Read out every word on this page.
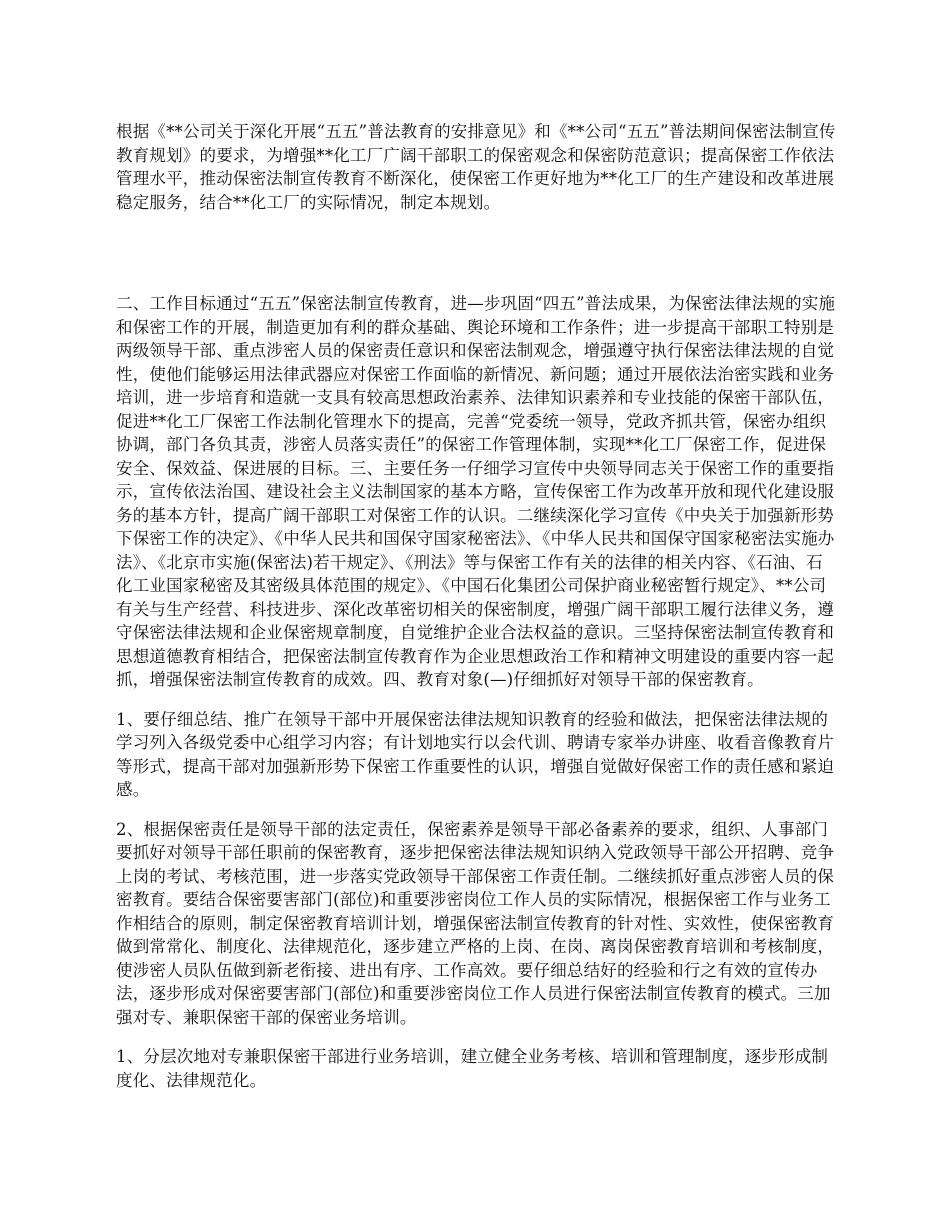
根据《**公司关于深化开展“五五”普法教育的安排意见》和《**公司“五五”普法期间保密法制宣传教育规划》的要求，为增强**化工厂广阔干部职工的保密观念和保密防范意识；提高保密工作依法管理水平，推动保密法制宣传教育不断深化，使保密工作更好地为**化工厂的生产建设和改革进展稳定服务，结合**化工厂的实际情况，制定本规划。

二、工作目标通过“五五”保密法制宣传教育，进—步巩固“四五”普法成果，为保密法律法规的实施和保密工作的开展，制造更加有利的群众基础、舆论环境和工作条件；进一步提高干部职工特别是两级领导干部、重点涉密人员的保密责任意识和保密法制观念，增强遵守执行保密法律法规的自觉性，使他们能够运用法律武器应对保密工作面临的新情况、新问题；通过开展依法治密实践和业务培训，进一步培育和造就一支具有较高思想政治素养、法律知识素养和专业技能的保密干部队伍，促进**化工厂保密工作法制化管理水下的提高，完善“党委统一领导，党政齐抓共管，保密办组织协调，部门各负其责，涉密人员落实责任”的保密工作管理体制，实现**化工厂保密工作，促进保安全、保效益、保进展的目标。三、主要任务一仔细学习宣传中央领导同志关于保密工作的重要指示，宣传依法治国、建设社会主义法制国家的基本方略，宣传保密工作为改革开放和现代化建设服务的基本方针，提高广阔干部职工对保密工作的认识。二继续深化学习宣传《中央关于加强新形势下保密工作的决定》、《中华人民共和国保守国家秘密法》、《中华人民共和国保守国家秘密法实施办法》、《北京市实施(保密法)若干规定》、《刑法》等与保密工作有关的法律的相关内容、《石油、石化工业国家秘密及其密级具体范围的规定》、《中国石化集团公司保护商业秘密暂行规定》、**公司有关与生产经营、科技进步、深化改革密切相关的保密制度，增强广阔干部职工履行法律义务，遵守保密法律法规和企业保密规章制度，自觉维护企业合法权益的意识。三坚持保密法制宣传教育和思想道德教育相结合，把保密法制宣传教育作为企业思想政治工作和精神文明建设的重要内容一起抓，增强保密法制宣传教育的成效。四、教育对象(—)仔细抓好对领导干部的保密教育。

1、要仔细总结、推广在领导干部中开展保密法律法规知识教育的经验和做法，把保密法律法规的学习列入各级党委中心组学习内容；有计划地实行以会代训、聘请专家举办讲座、收看音像教育片等形式，提高干部对加强新形势下保密工作重要性的认识，增强自觉做好保密工作的责任感和紧迫感。

2、根据保密责任是领导干部的法定责任，保密素养是领导干部必备素养的要求，组织、人事部门要抓好对领导干部任职前的保密教育，逐步把保密法律法规知识纳入党政领导干部公开招聘、竞争上岗的考试、考核范围，进一步落实党政领导干部保密工作责任制。二继续抓好重点涉密人员的保密教育。要结合保密要害部门(部位)和重要涉密岗位工作人员的实际情况，根据保密工作与业务工作相结合的原则，制定保密教育培训计划，增强保密法制宣传教育的针对性、实效性，使保密教育做到常常化、制度化、法律规范化，逐步建立严格的上岗、在岗、离岗保密教育培训和考核制度，使涉密人员队伍做到新老衔接、进出有序、工作高效。要仔细总结好的经验和行之有效的宣传办法，逐步形成对保密要害部门(部位)和重要涉密岗位工作人员进行保密法制宣传教育的模式。三加强对专、兼职保密干部的保密业务培训。

1、分层次地对专兼职保密干部进行业务培训，建立健全业务考核、培训和管理制度，逐步形成制度化、法律规范化。
